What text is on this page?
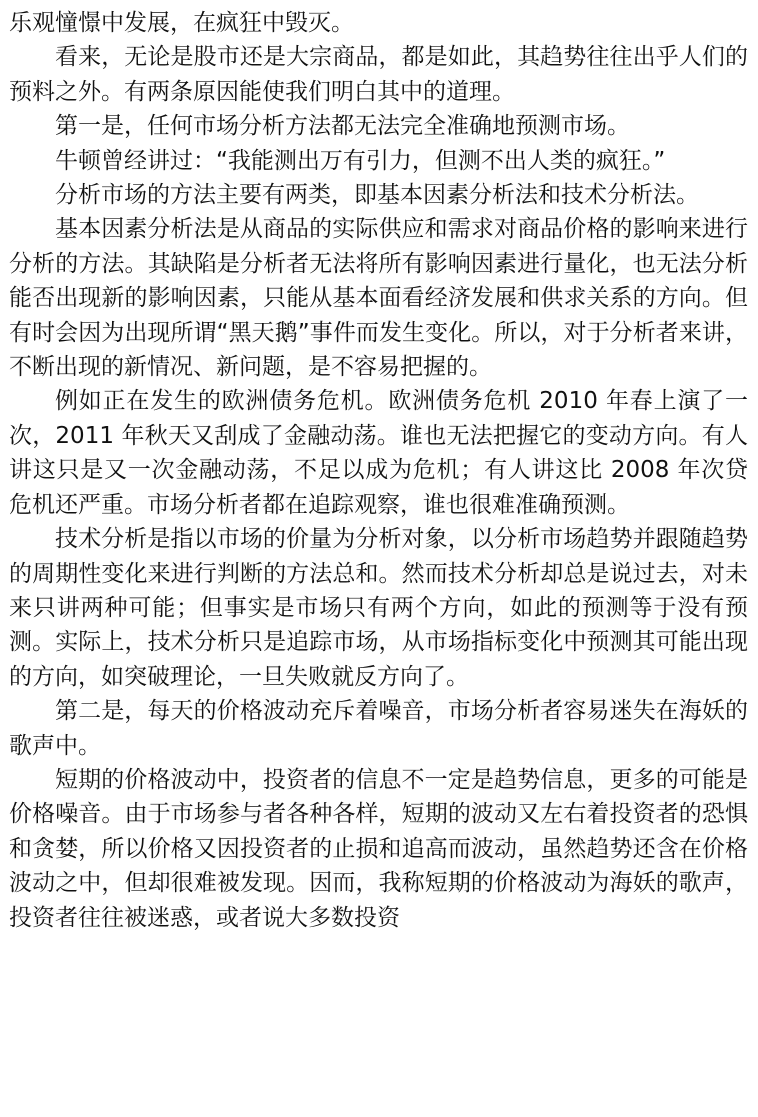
乐观憧憬中发展，在疯狂中毁灭。

看来，无论是股市还是大宗商品，都是如此，其趋势往往出乎人们的预料之外。有两条原因能使我们明白其中的道理。

第一是，任何市场分析方法都无法完全准确地预测市场。

牛顿曾经讲过：“我能测出万有引力，但测不出人类的疯狂。”

分析市场的方法主要有两类，即基本因素分析法和技术分析法。

基本因素分析法是从商品的实际供应和需求对商品价格的影响来进行分析的方法。其缺陷是分析者无法将所有影响因素进行量化，也无法分析能否出现新的影响因素，只能从基本面看经济发展和供求关系的方向。但有时会因为出现所谓“黑天鹅”事件而发生变化。所以，对于分析者来讲，不断出现的新情况、新问题，是不容易把握的。

例如正在发生的欧洲债务危机。欧洲债务危机 2010 年春上演了一次，2011 年秋天又刮成了金融动荡。谁也无法把握它的变动方向。有人讲这只是又一次金融动荡，不足以成为危机；有人讲这比 2008 年次贷危机还严重。市场分析者都在追踪观察，谁也很难准确预测。

技术分析是指以市场的价量为分析对象，以分析市场趋势并跟随趋势的周期性变化来进行判断的方法总和。然而技术分析却总是说过去，对未来只讲两种可能；但事实是市场只有两个方向，如此的预测等于没有预测。实际上，技术分析只是追踪市场，从市场指标变化中预测其可能出现的方向，如突破理论，一旦失败就反方向了。

第二是，每天的价格波动充斥着噪音，市场分析者容易迷失在海妖的歌声中。

短期的价格波动中，投资者的信息不一定是趋势信息，更多的可能是价格噪音。由于市场参与者各种各样，短期的波动又左右着投资者的恐惧和贪婪，所以价格又因投资者的止损和追高而波动，虽然趋势还含在价格波动之中，但却很难被发现。因而，我称短期的价格波动为海妖的歌声，投资者往往被迷惑，或者说大多数投资
